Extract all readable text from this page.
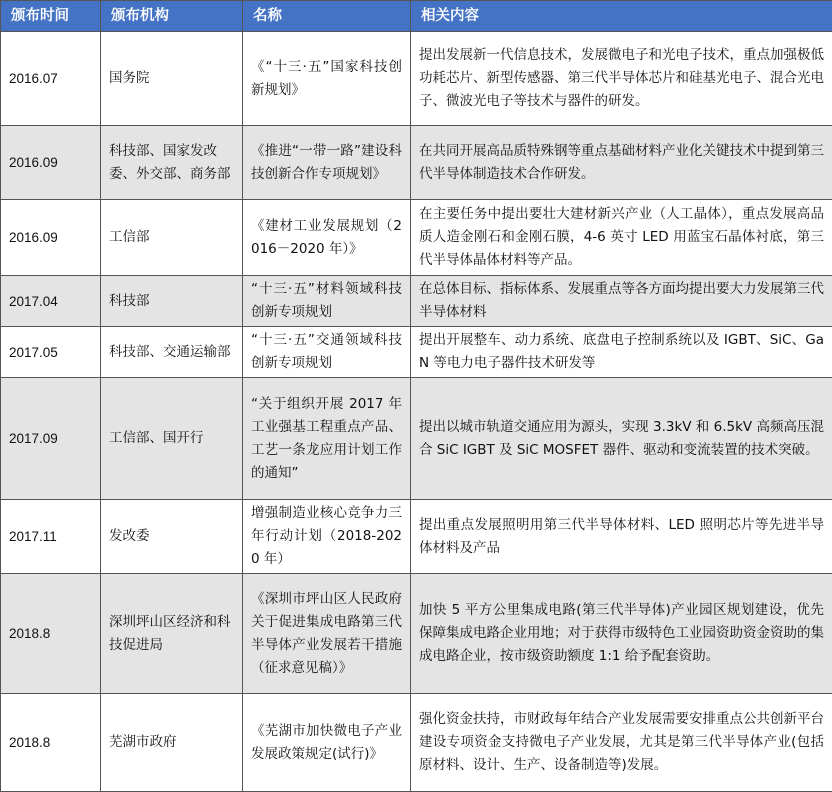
颁布时间	颁布机构	名称	相关内容
2016.07	国务院	《“十三·五”国家科技创新规划》	提出发展新一代信息技术，发展微电子和光电子技术，重点加强极低功耗芯片、新型传感器、第三代半导体芯片和硅基光电子、混合光电子、微波光电子等技术与器件的研发。
2016.09	科技部、国家发改委、外交部、商务部	《推进“一带一路”建设科技创新合作专项规划》	在共同开展高品质特殊钢等重点基础材料产业化关键技术中提到第三代半导体制造技术合作研发。
2016.09	工信部	《建材工业发展规划（2016－2020 年）》	在主要任务中提出要壮大建材新兴产业（人工晶体），重点发展高品质人造金刚石和金刚石膜，4-6 英寸 LED 用蓝宝石晶体衬底，第三代半导体晶体材料等产品。
2017.04	科技部	“十三·五”材料领域科技创新专项规划	在总体目标、指标体系、发展重点等各方面均提出要大力发展第三代半导体材料
2017.05	科技部、交通运输部	“十三·五”交通领域科技创新专项规划	提出开展整车、动力系统、底盘电子控制系统以及 IGBT、SiC、GaN 等电力电子器件技术研发等
2017.09	工信部、国开行	“关于组织开展 2017 年工业强基工程重点产品、工艺一条龙应用计划工作的通知”	提出以城市轨道交通应用为源头，实现 3.3kV 和 6.5kV 高频高压混合 SiC IGBT 及 SiC MOSFET 器件、驱动和变流装置的技术突破。
2017.11	发改委	增强制造业核心竞争力三年行动计划（2018-2020 年）	提出重点发展照明用第三代半导体材料、LED 照明芯片等先进半导体材料及产品
2018.8	深圳坪山区经济和科技促进局	《深圳市坪山区人民政府关于促进集成电路第三代半导体产业发展若干措施（征求意见稿）》	加快 5 平方公里集成电路(第三代半导体)产业园区规划建设，优先保障集成电路企业用地；对于获得市级特色工业园资助资金资助的集成电路企业，按市级资助额度 1:1 给予配套资助。
2018.8	芜湖市政府	《芜湖市加快微电子产业发展政策规定(试行)》	强化资金扶持，市财政每年结合产业发展需要安排重点公共创新平台建设专项资金支持微电子产业发展，尤其是第三代半导体产业(包括原材料、设计、生产、设备制造等)发展。
